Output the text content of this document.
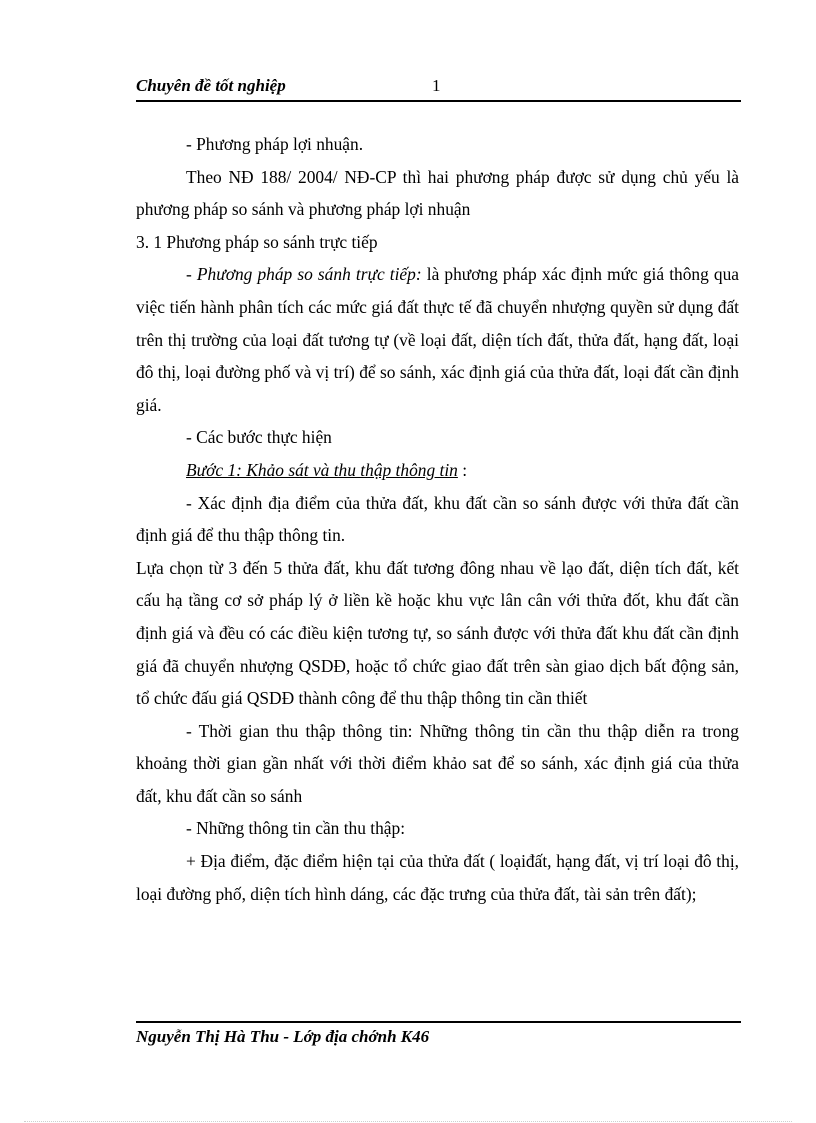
Chuyên đề tốt nghiệp	1

- Phương pháp lợi nhuận.

Theo NĐ 188/ 2004/ NĐ-CP thì hai phương pháp được sử dụng chủ yếu là phương pháp so sánh và phương pháp lợi nhuận

3. 1 Phương pháp so sánh trực tiếp

- Phương pháp so sánh trực tiếp: là phương pháp xác định mức giá thông qua việc tiến hành phân tích các mức giá đất thực tế đã chuyển nhượng quyền sử dụng đất trên thị trường của loại đất tương tự (về loại đất, diện tích đất, thửa đất, hạng đất, loại đô thị, loại đường phố và vị trí) để so sánh, xác định giá của thửa đất, loại đất cần định giá.

- Các bước thực hiện

Bước 1: Khảo sát và thu thập thông tin :

- Xác định địa điểm của thửa đất, khu đất cần so sánh được với thửa đất cần định giá để thu thập thông tin.

Lựa chọn từ 3 đến 5 thửa đất, khu đất tương đông nhau về lạo đất, diện tích đất, kết cấu hạ tầng cơ sở pháp lý ở liền kề hoặc khu vực lân cân với thửa đốt, khu đất cần định giá và đều có các điều kiện tương tự, so sánh được với thửa đất khu đất cần định giá đã chuyển nhượng QSDĐ, hoặc tổ chức giao đất trên sàn giao dịch bất động sản, tổ chức đấu giá QSDĐ thành công để thu thập thông tin cần thiết

- Thời gian thu thập thông tin: Những thông tin cần thu thập diễn ra trong khoảng thời gian gần nhất với thời điểm khảo sat để so sánh, xác định giá của thửa đất, khu đất cần so sánh

- Những thông tin cần thu thập:

+ Địa điểm, đặc điểm hiện tại của thửa đất ( loạiđất, hạng đất, vị trí loại đô thị, loại đường phố, diện tích hình dáng, các đặc trưng của thửa đất, tài sản trên đất);

Nguyễn Thị Hà Thu - Lớp địa chớnh K46
